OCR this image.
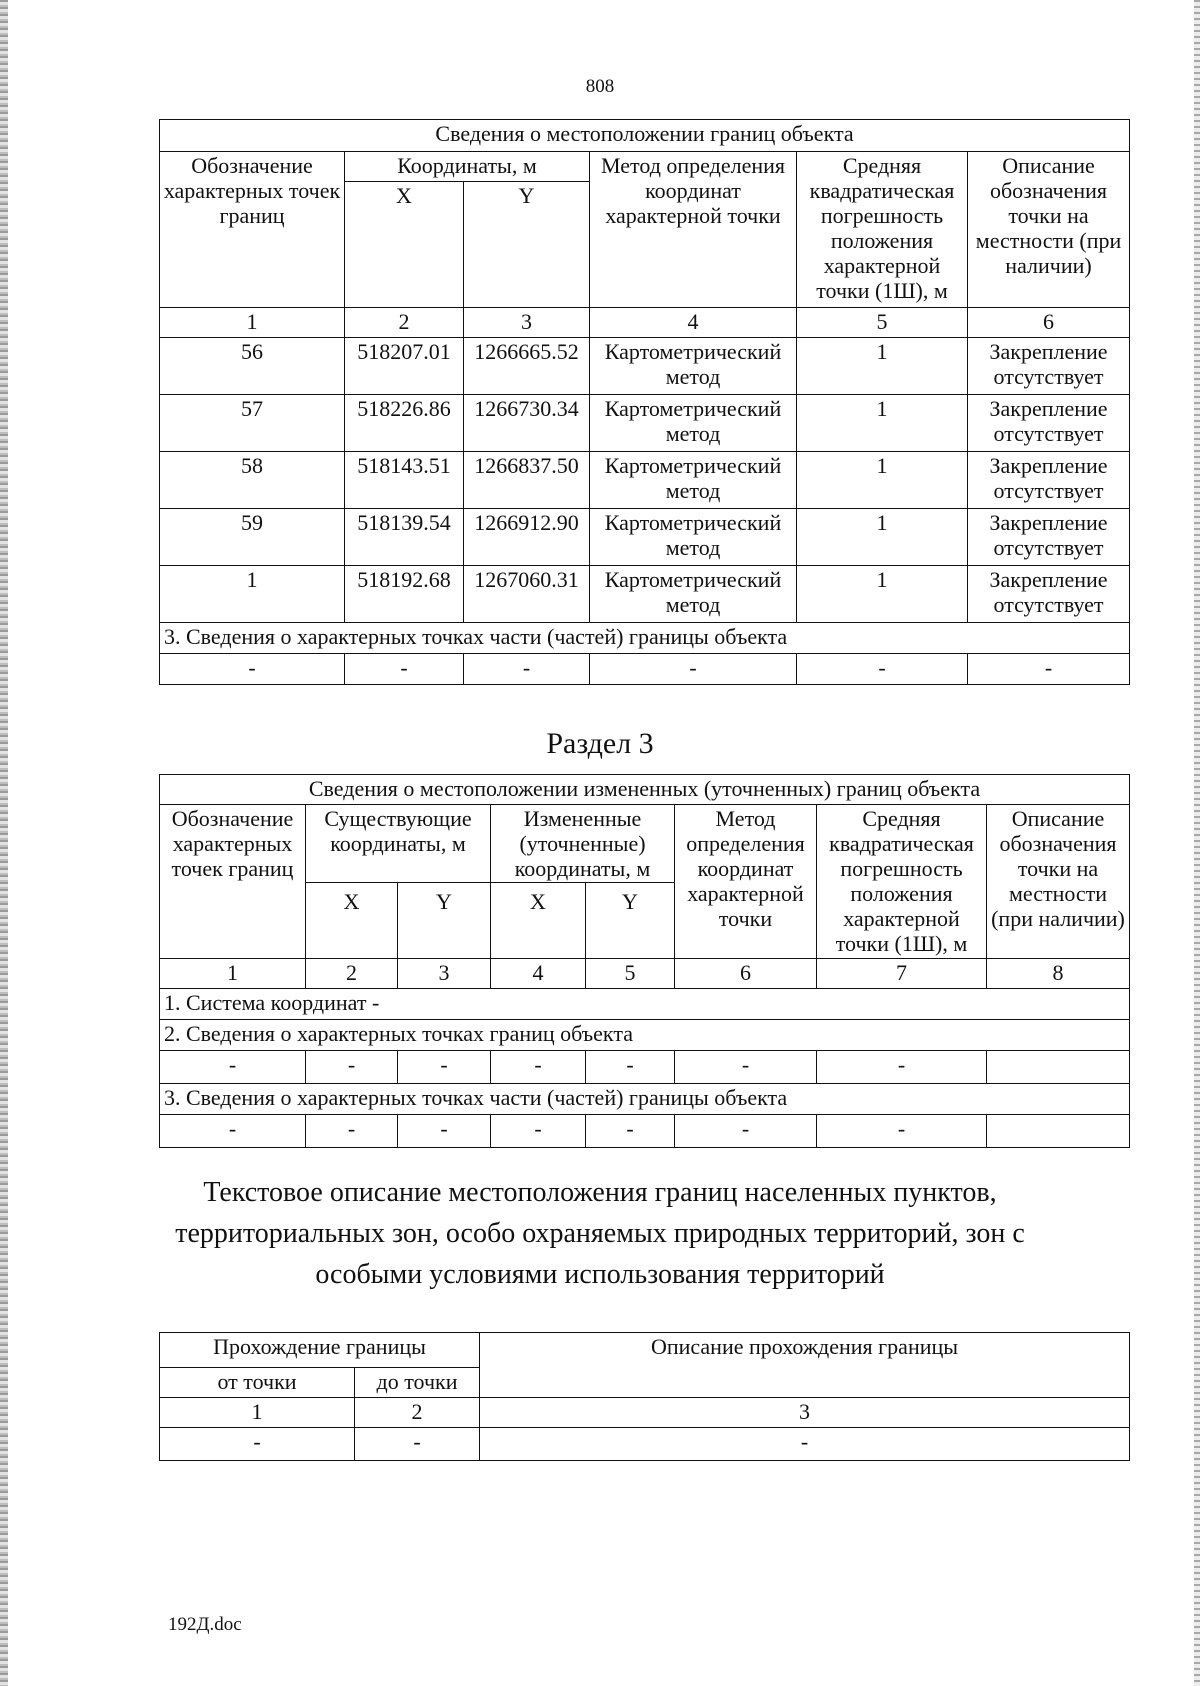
808
Сведения о местоположении границ объекта					
Обозначение характерных точек границ	Координаты, м		Метод определения координат характерной точки	Средняя квадратическая погрешность положения характерной точки (1Ш), м	Описание обозначения точки на местности (при наличии)
	X	Y			
1	2	3	4	5	6
56	518207.01	1266665.52	Картометрический метод	1	Закрепление отсутствует
57	518226.86	1266730.34	Картометрический метод	1	Закрепление отсутствует
58	518143.51	1266837.50	Картометрический метод	1	Закрепление отсутствует
59	518139.54	1266912.90	Картометрический метод	1	Закрепление отсутствует
1	518192.68	1267060.31	Картометрический метод	1	Закрепление отсутствует
3. Сведения о характерных точках части (частей) границы объекта					
-	-	-	-	-	-
Раздел 3
Сведения о местоположении измененных (уточненных) границ объекта							
Обозначение характерных точек границ	Существующие координаты, м		Измененные (уточненные) координаты, м		Метод определения координат характерной точки	Средняя квадратическая погрешность положения характерной точки (1Ш), м	Описание обозначения точки на местности (при наличии)
	X	Y	X	Y			
1	2	3	4	5	6	7	8
1. Система координат -							
2. Сведения о характерных точках границ объекта							
-	-	-	-	-	-	-	
3. Сведения о характерных точках части (частей) границы объекта							
-	-	-	-	-	-	-	
Текстовое описание местоположения границ населенных пунктов, территориальных зон, особо охраняемых природных территорий, зон с особыми условиями использования территорий
Прохождение границы		Описание прохождения границы
от точки	до точки	
1	2	3
-	-	-
192Д.doc
